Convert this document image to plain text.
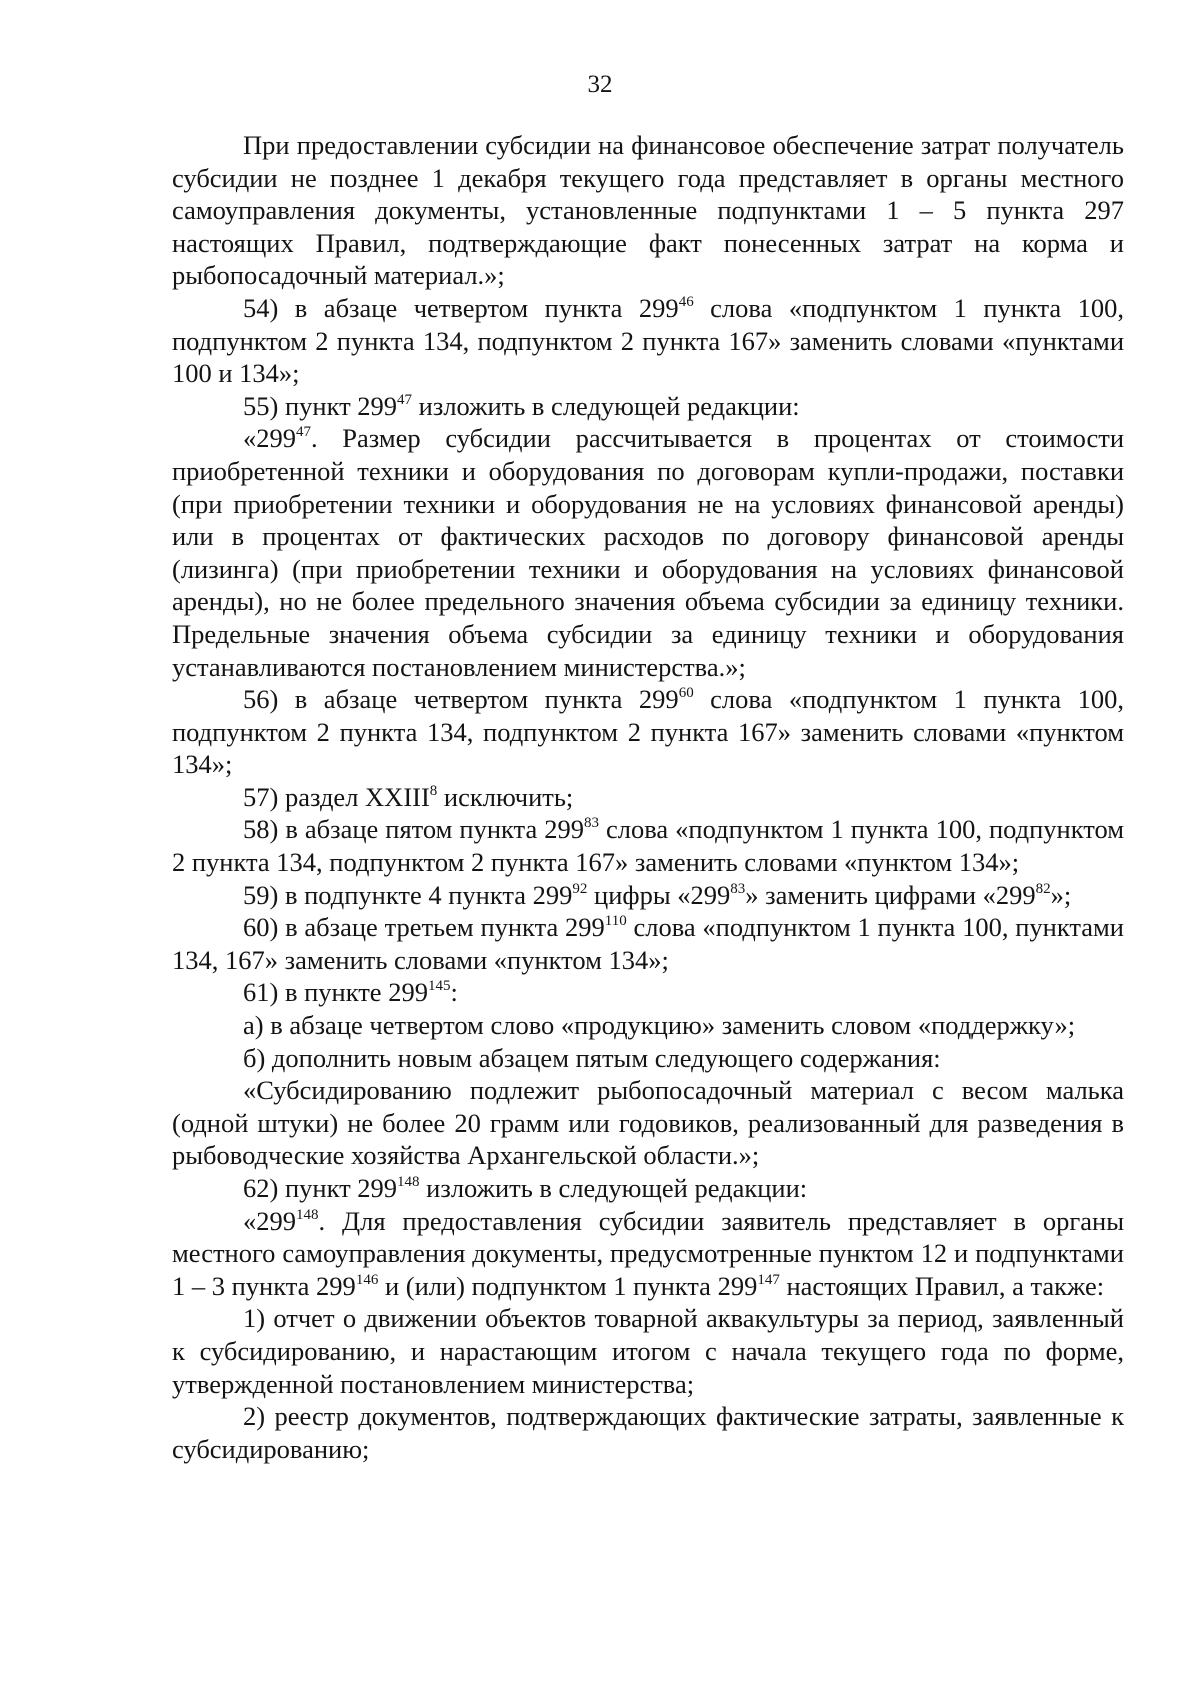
32

При предоставлении субсидии на финансовое обеспечение затрат получатель субсидии не позднее 1 декабря текущего года представляет в органы местного самоуправления документы, установленные подпунктами 1 – 5 пункта 297 настоящих Правил, подтверждающие факт понесенных затрат на корма и рыбопосадочный материал.»;

54) в абзаце четвертом пункта $299^{46}$ слова «подпунктом 1 пункта 100, подпунктом 2 пункта 134, подпунктом 2 пункта 167» заменить словами «пунктами 100 и 134»;

55) пункт $299^{47}$ изложить в следующей редакции:

«$299^{47}$. Размер субсидии рассчитывается в процентах от стоимости приобретенной техники и оборудования по договорам купли-продажи, поставки (при приобретении техники и оборудования не на условиях финансовой аренды) или в процентах от фактических расходов по договору финансовой аренды (лизинга) (при приобретении техники и оборудования на условиях финансовой аренды), но не более предельного значения объема субсидии за единицу техники. Предельные значения объема субсидии за единицу техники и оборудования устанавливаются постановлением министерства.»;

56) в абзаце четвертом пункта $299^{60}$ слова «подпунктом 1 пункта 100, подпунктом 2 пункта 134, подпунктом 2 пункта 167» заменить словами «пунктом 134»;

57) раздел XXIII$^8$ исключить;

58) в абзаце пятом пункта $299^{83}$ слова «подпунктом 1 пункта 100, подпунктом 2 пункта 134, подпунктом 2 пункта 167» заменить словами «пунктом 134»;

59) в подпункте 4 пункта $299^{92}$ цифры «$299^{83}$» заменить цифрами «$299^{82}$»;

60) в абзаце третьем пункта $299^{110}$ слова «подпунктом 1 пункта 100, пунктами 134, 167» заменить словами «пунктом 134»;

61) в пункте $299^{145}$:

а) в абзаце четвертом слово «продукцию» заменить словом «поддержку»;

б) дополнить новым абзацем пятым следующего содержания:

«Субсидированию подлежит рыбопосадочный материал с весом малька (одной штуки) не более 20 грамм или годовиков, реализованный для разведения в рыбоводческие хозяйства Архангельской области.»;

62) пункт $299^{148}$ изложить в следующей редакции:

«$299^{148}$. Для предоставления субсидии заявитель представляет в органы местного самоуправления документы, предусмотренные пунктом 12 и подпунктами 1 – 3 пункта $299^{146}$ и (или) подпунктом 1 пункта $299^{147}$ настоящих Правил, а также:

1) отчет о движении объектов товарной аквакультуры за период, заявленный к субсидированию, и нарастающим итогом с начала текущего года по форме, утвержденной постановлением министерства;

2) реестр документов, подтверждающих фактические затраты, заявленные к субсидированию;
